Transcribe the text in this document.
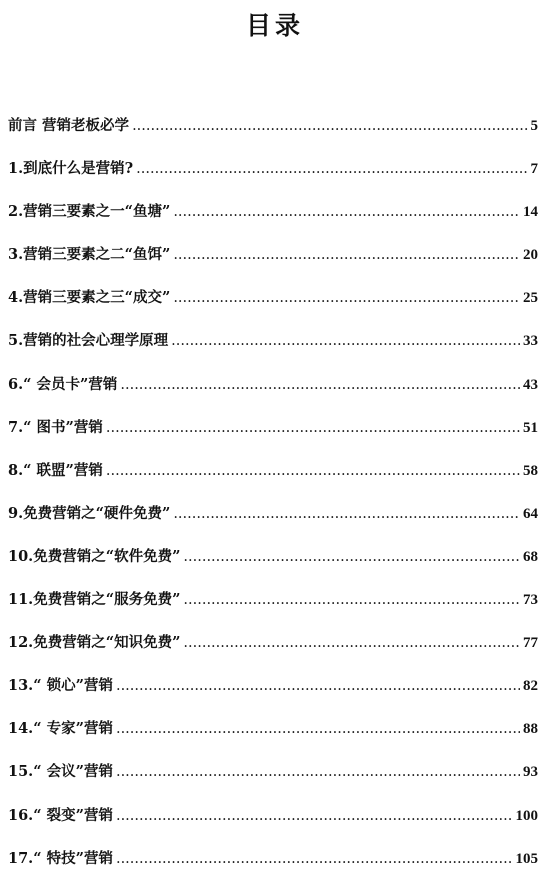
目录
前言 营销老板必学 .....	5
1.到底什么是营销? .....	7
2.营销三要素之一“鱼塘” .....	14
3.营销三要素之二“鱼饵” .....	20
4.营销三要素之三“成交” .....	25
5.营销的社会心理学原理 .....	33
6.“ 会员卡”营销 .....	43
7.“ 图书”营销 .....	51
8.“ 联盟”营销 .....	58
9.免费营销之“硬件免费” .....	64
10.免费营销之“软件免费” .....	68
11.免费营销之“服务免费” .....	73
12.免费营销之“知识免费” .....	77
13.“ 锁心”营销 .....	82
14.“ 专家”营销 .....	88
15.“ 会议”营销 .....	93
16.“ 裂变”营销 .....	100
17.“ 特技”营销 .....	105
